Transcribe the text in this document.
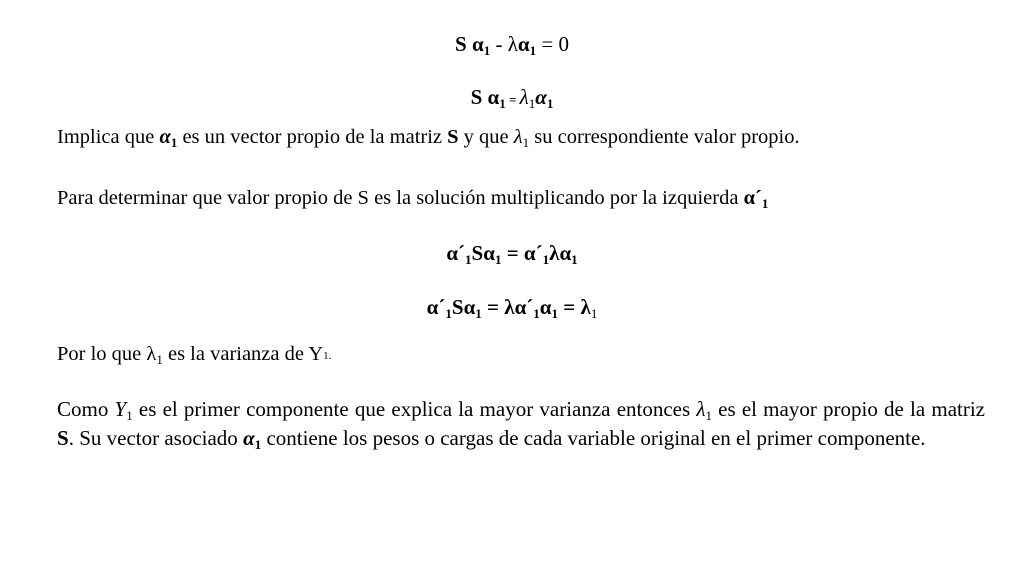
S $\alpha_1 - \lambda\alpha_1 = 0$
S $\alpha_1 = \lambda_1\alpha_1$
Implica que $\alpha_1$ es un vector propio de la matriz S y que $\lambda_1$ su correspondiente valor propio.
Para determinar que valor propio de S es la solución multiplicando por la izquierda $\alpha´_1$
$\alpha´_1S\alpha_1$ = $\alpha´_1\lambda\alpha_1$
$\alpha´_1S\alpha_1$ = $\lambda\alpha´_1\alpha_1 = \lambda_1$
Por lo que $\lambda_1$ es la varianza de $Y_{1.}$
Como $Y_1$ es el primer componente que explica la mayor varianza entonces $\lambda_1$ es el mayor propio de la matriz S. Su vector asociado $\alpha_1$ contiene los pesos o cargas de cada variable original en el primer componente.
